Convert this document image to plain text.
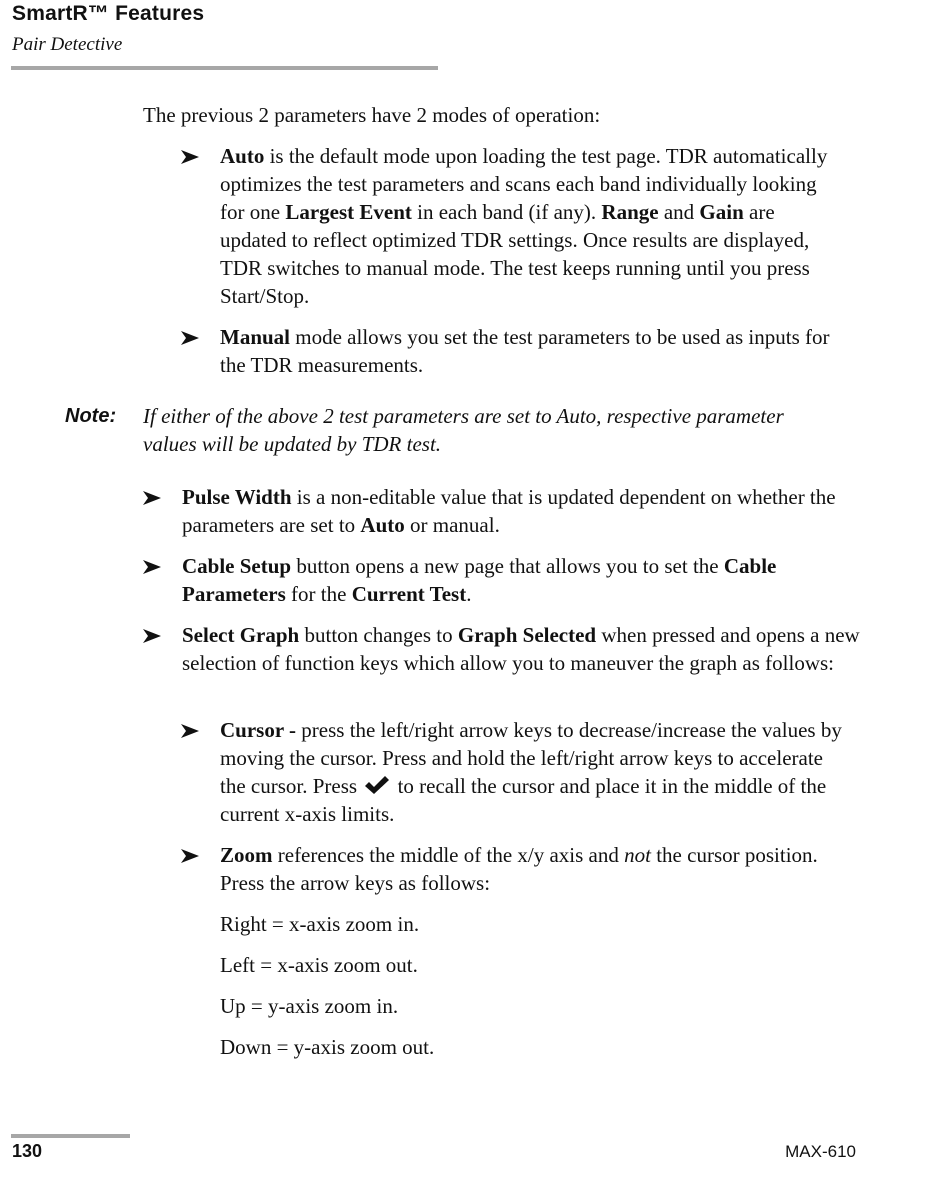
SmartR™ Features
Pair Detective
The previous 2 parameters have 2 modes of operation:
Auto is the default mode upon loading the test page. TDR automatically optimizes the test parameters and scans each band individually looking for one Largest Event in each band (if any). Range and Gain are updated to reflect optimized TDR settings. Once results are displayed, TDR switches to manual mode. The test keeps running until you press Start/Stop.
Manual mode allows you set the test parameters to be used as inputs for the TDR measurements.
Note: If either of the above 2 test parameters are set to Auto, respective parameter values will be updated by TDR test.
Pulse Width is a non-editable value that is updated dependent on whether the parameters are set to Auto or manual.
Cable Setup button opens a new page that allows you to set the Cable Parameters for the Current Test.
Select Graph button changes to Graph Selected when pressed and opens a new selection of function keys which allow you to maneuver the graph as follows:
Cursor - press the left/right arrow keys to decrease/increase the values by moving the cursor. Press and hold the left/right arrow keys to accelerate the cursor. Press  to recall the cursor and place it in the middle of the current x-axis limits.
Zoom references the middle of the x/y axis and not the cursor position. Press the arrow keys as follows:
Right = x-axis zoom in.
Left = x-axis zoom out.
Up = y-axis zoom in.
Down = y-axis zoom out.
130	MAX-610
